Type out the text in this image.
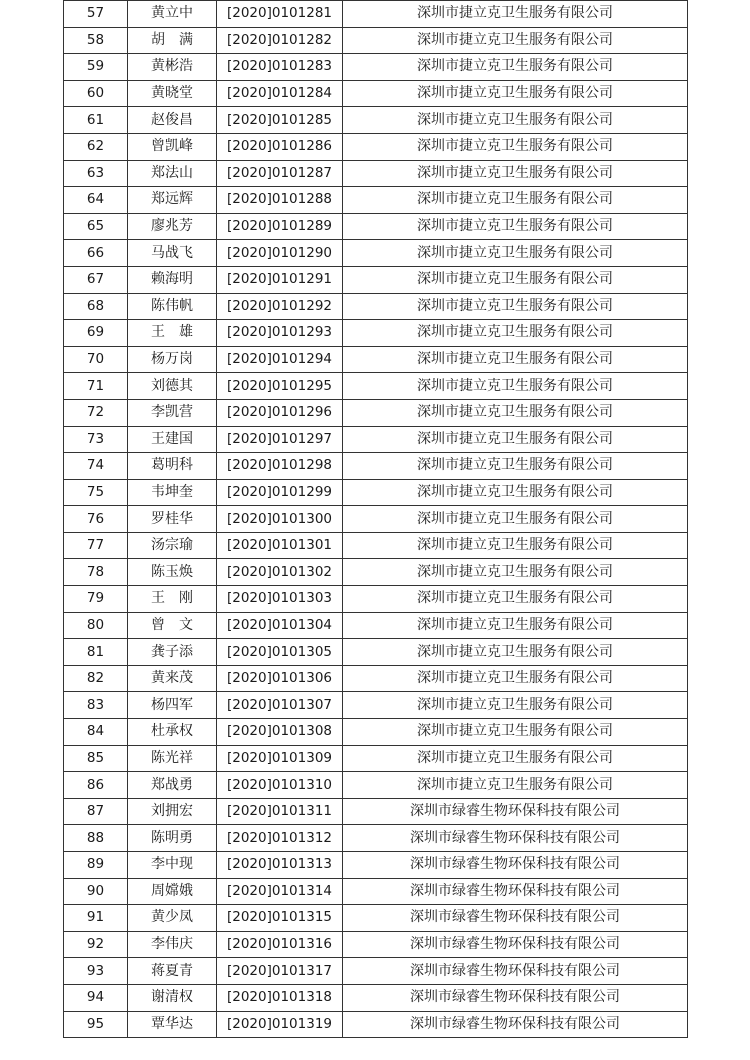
57	黄立中	[2020]0101281	深圳市捷立克卫生服务有限公司
58	胡　满	[2020]0101282	深圳市捷立克卫生服务有限公司
59	黄彬浩	[2020]0101283	深圳市捷立克卫生服务有限公司
60	黄晓堂	[2020]0101284	深圳市捷立克卫生服务有限公司
61	赵俊昌	[2020]0101285	深圳市捷立克卫生服务有限公司
62	曾凯峰	[2020]0101286	深圳市捷立克卫生服务有限公司
63	郑法山	[2020]0101287	深圳市捷立克卫生服务有限公司
64	郑远辉	[2020]0101288	深圳市捷立克卫生服务有限公司
65	廖兆芳	[2020]0101289	深圳市捷立克卫生服务有限公司
66	马战飞	[2020]0101290	深圳市捷立克卫生服务有限公司
67	赖海明	[2020]0101291	深圳市捷立克卫生服务有限公司
68	陈伟帆	[2020]0101292	深圳市捷立克卫生服务有限公司
69	王　雄	[2020]0101293	深圳市捷立克卫生服务有限公司
70	杨万岗	[2020]0101294	深圳市捷立克卫生服务有限公司
71	刘德其	[2020]0101295	深圳市捷立克卫生服务有限公司
72	李凯营	[2020]0101296	深圳市捷立克卫生服务有限公司
73	王建国	[2020]0101297	深圳市捷立克卫生服务有限公司
74	葛明科	[2020]0101298	深圳市捷立克卫生服务有限公司
75	韦坤奎	[2020]0101299	深圳市捷立克卫生服务有限公司
76	罗桂华	[2020]0101300	深圳市捷立克卫生服务有限公司
77	汤宗瑜	[2020]0101301	深圳市捷立克卫生服务有限公司
78	陈玉焕	[2020]0101302	深圳市捷立克卫生服务有限公司
79	王　刚	[2020]0101303	深圳市捷立克卫生服务有限公司
80	曾　文	[2020]0101304	深圳市捷立克卫生服务有限公司
81	龚子添	[2020]0101305	深圳市捷立克卫生服务有限公司
82	黄来茂	[2020]0101306	深圳市捷立克卫生服务有限公司
83	杨四军	[2020]0101307	深圳市捷立克卫生服务有限公司
84	杜承权	[2020]0101308	深圳市捷立克卫生服务有限公司
85	陈光祥	[2020]0101309	深圳市捷立克卫生服务有限公司
86	郑战勇	[2020]0101310	深圳市捷立克卫生服务有限公司
87	刘拥宏	[2020]0101311	深圳市绿睿生物环保科技有限公司
88	陈明勇	[2020]0101312	深圳市绿睿生物环保科技有限公司
89	李中现	[2020]0101313	深圳市绿睿生物环保科技有限公司
90	周嫦娥	[2020]0101314	深圳市绿睿生物环保科技有限公司
91	黄少凤	[2020]0101315	深圳市绿睿生物环保科技有限公司
92	李伟庆	[2020]0101316	深圳市绿睿生物环保科技有限公司
93	蒋夏青	[2020]0101317	深圳市绿睿生物环保科技有限公司
94	谢清权	[2020]0101318	深圳市绿睿生物环保科技有限公司
95	覃华达	[2020]0101319	深圳市绿睿生物环保科技有限公司
